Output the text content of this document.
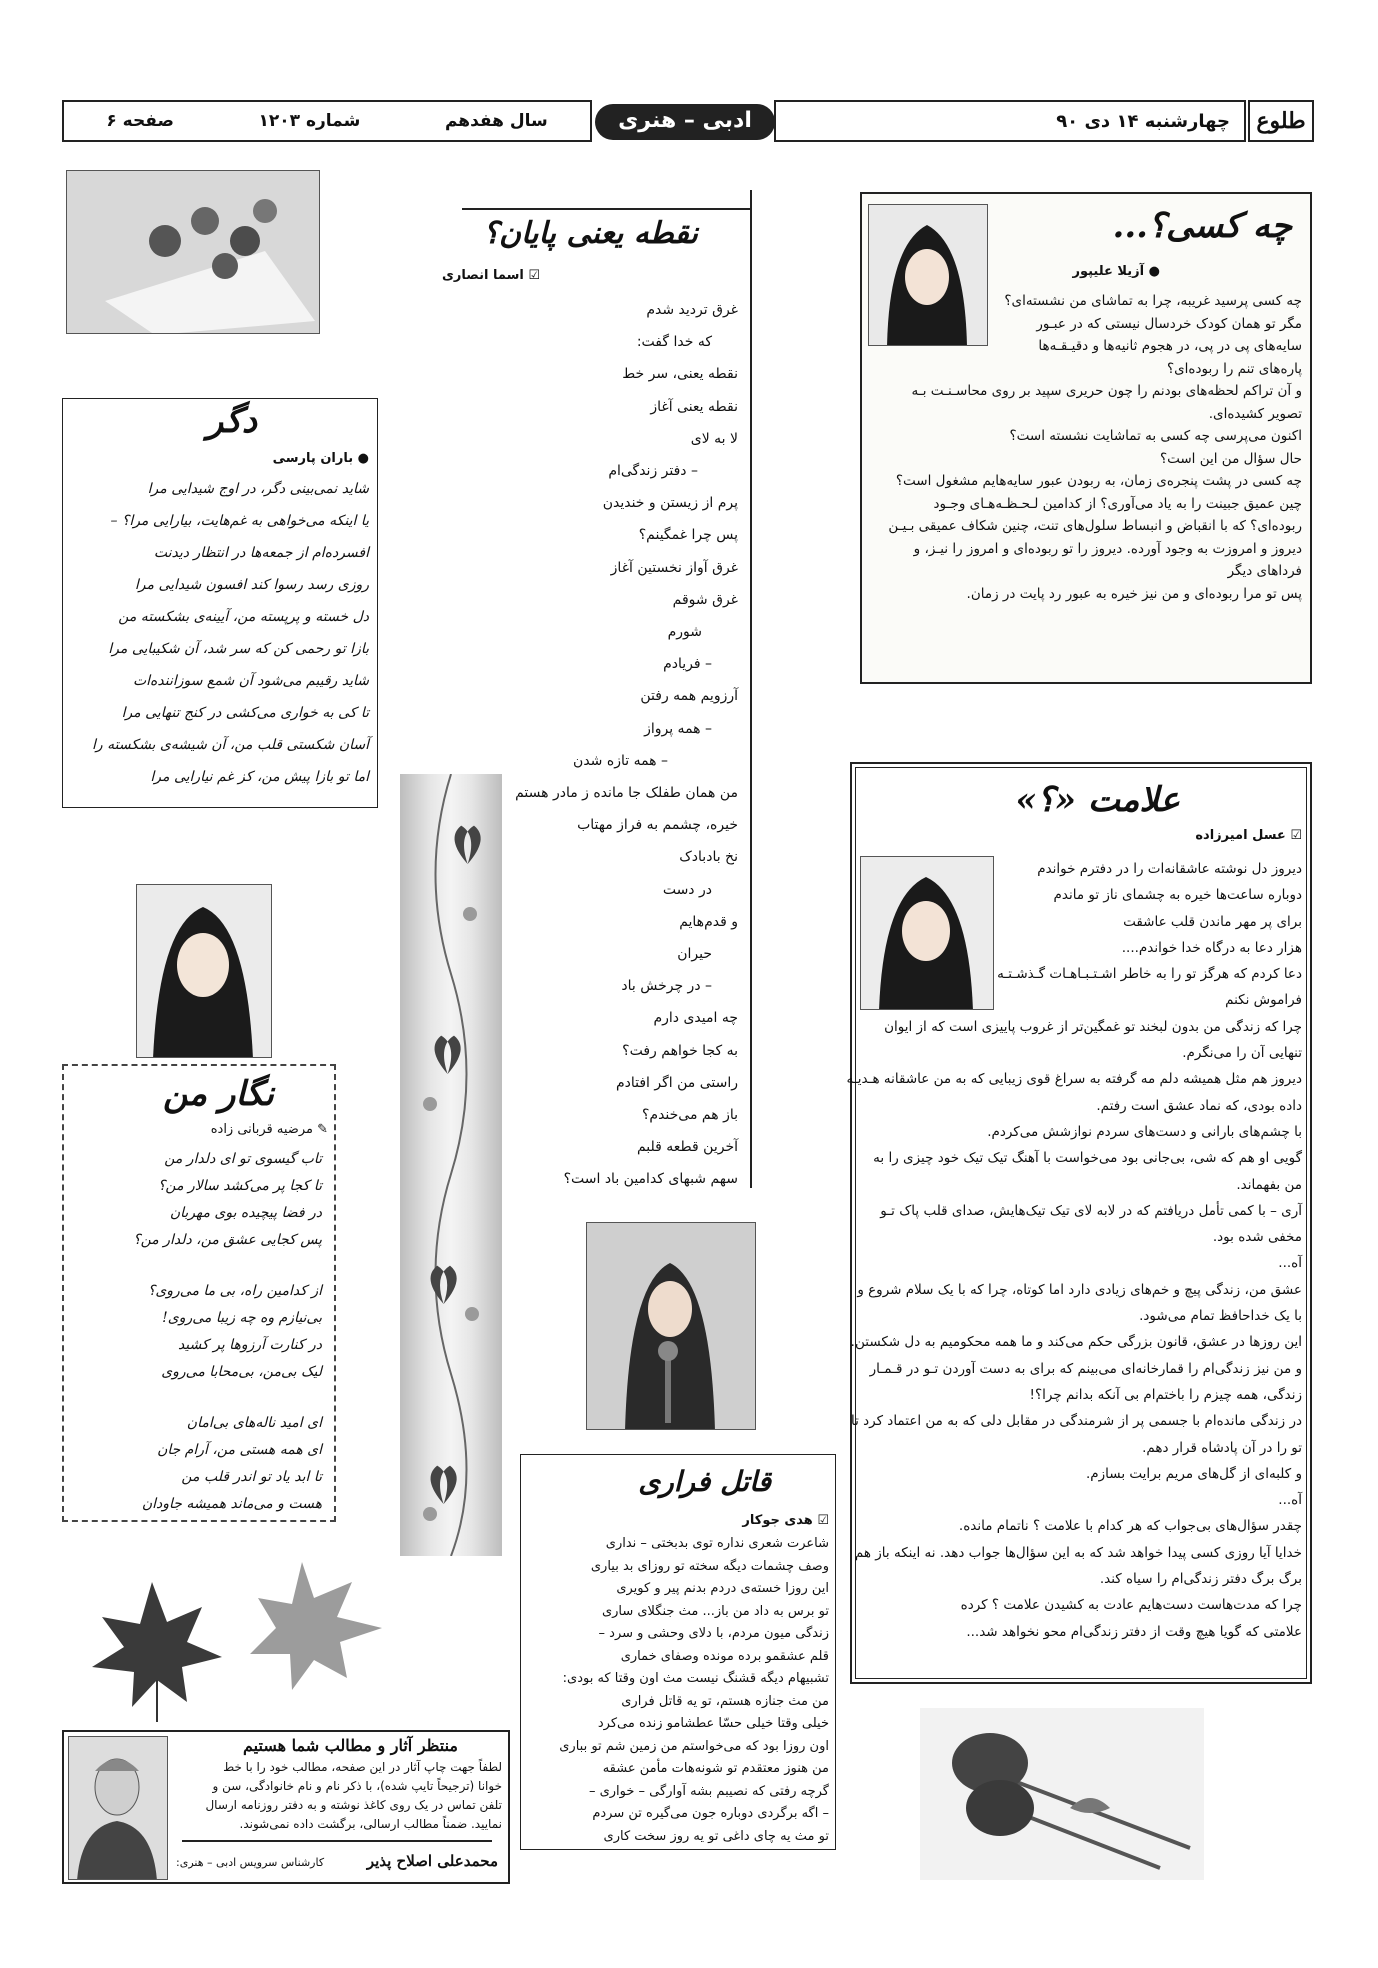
سال هفدهم
شماره ۱۲۰۳
صفحه ۶	ادبی – هنری	چهارشنبه ۱۴ دی ۹۰	طلوع
چه کسی؟...
● آزیلا علیپور
چه کسی پرسید غریبه، چرا به تماشای من نشسته‌ای؟
مگر تو همان کودک خردسال نیستی که در عبـور
سایه‌های پی در پی، در هجوم ثانیه‌ها و دقیـقـه‌ها
پاره‌های تنم را ربوده‌ای؟
و آن تراکم لحظه‌های بودنم را چون حریری سپید بر روی محاسـنـت بـه
تصویر کشیده‌ای.
اکنون می‌پرسی چه کسی به تماشایت نشسته است؟
حال سؤال من این است؟
چه کسی در پشت پنجره‌ی زمان، به ربودن عبور سایه‌هایم مشغول است؟
چین عمیق جبینت را به یاد می‌آوری؟ از کدامین لـحـظـه‌هـای وجـود
ربوده‌ای؟ که با انقباض و انبساط سلول‌های تنت، چنین شکاف عمیقی بـیـن
دیروز و امروزت به وجود آورده. دیروز را تو ربوده‌ای و امروز را نیـز، و
فرداهای دیگر
پس تو مرا ربوده‌ای و من نیز خیره به عبور رد پایت در زمان.
نقطه یعنی پایان؟
☑ اسما انصاری
غرق تردید شدم
که خدا گفت:
نقطه یعنی، سر خط
نقطه یعنی آغاز
لا به لای
– دفتر زندگی‌ام
پرم از زیستن و خندیدن
پس چرا غمگینم؟
غرق آواز نخستین آغاز
غرق شوقم
شورم
– فریادم
آرزویم همه رفتن
– همه پرواز
– همه تازه شدن
من همان طفلک جا مانده ز مادر هستم
خیره، چشمم به فراز مهتاب
نخ بادبادک
در دست
و قدم‌هایم
حیران
– در چرخش باد
چه امیدی دارم
به کجا خواهم رفت؟
راستی من اگر افتادم
باز هم می‌خندم؟
آخرین قطعه قلبم
سهم شبهای کدامین باد است؟
دگر
● باران پارسی
شاید نمی‌بینی دگر، در اوج شیدایی مرا
یا اینکه می‌خواهی به غم‌هایت، بیارایی مرا؟ –
افسرده‌ام از جمعه‌ها در انتظار دیدنت
روزی رسد رسوا کند افسون شیدایی مرا
دل خسته و پرپسته من، آیینه‌ی بشکسته من
بازا تو رحمی کن که سر شد، آن شکیبایی مرا
شاید رقیبم می‌شود آن شمع سوزاننده‌ات
تا کی به خواری می‌کشی در کنج تنهایی مرا
آسان شکستی قلب من، آن شیشه‌ی بشکسته را
اما تو بازا پیش من، کز غم نیارایی مرا
علامت «؟»
☑ عسل امیرزاده
دیروز دل نوشته عاشقانه‌ات را در دفترم خواندم
دوباره ساعت‌ها خیره به چشمای ناز تو ماندم
برای پر مهر ماندن قلب عاشقت
هزار دعا به درگاه خدا خواندم....
دعا کردم که هرگز تو را به خاطر اشـتـبـاهـات گـذشـتـه
فراموش نکنم
چرا که زندگی من بدون لبخند تو غمگین‌تر از غروب پاییزی است که از ایوان
تنهایی آن را می‌نگرم.
دیروز هم مثل همیشه دلم مه گرفته به سراغ قوی زیبایی که به من عاشقانه هـدیـه
داده بودی، که نماد عشق است رفتم.
با چشم‌های بارانی و دست‌های سردم نوازشش می‌کردم.
گویی او هم که شی، بی‌جانی بود می‌خواست با آهنگ تیک تیک خود چیزی را به
من بفهماند.
آری – با کمی تأمل دریافتم که در لابه لای تیک تیک‌هایش، صدای قلب پاک تـو
مخفی شده بود.
آه...
عشق من، زندگی پیچ و خم‌های زیادی دارد اما کوتاه، چرا که با یک سلام شروع و
با یک خداحافظ تمام می‌شود.
این روزها در عشق، قانون بزرگی حکم می‌کند و ما همه محکومیم به دل شکستن.
و من نیز زندگی‌ام را قمارخانه‌ای می‌بینم که برای به دست آوردن تـو در قـمـار
زندگی، همه چیزم را باختم‌ام بی آنکه بدانم چرا؟!
در زندگی مانده‌ام با جسمی پر از شرمندگی در مقابل دلی که به من اعتماد کرد تا
تو را در آن پادشاه قرار دهم.
و کلبه‌ای از گل‌های مریم برایت بسازم.
آه...
چقدر سؤال‌های بی‌جواب که هر کدام با علامت ؟ ناتمام مانده.
خدایا آیا روزی کسی پیدا خواهد شد که به این سؤال‌ها جواب دهد. نه اینکه باز هم
برگ برگ دفتر زندگی‌ام را سیاه کند.
چرا که مدت‌هاست دست‌هایم عادت به کشیدن علامت ؟ کرده
علامتی که گویا هیچ وقت از دفتر زندگی‌ام محو نخواهد شد...
نگار من
✎ مرضیه قربانی زاده
تاب گیسوی تو ای دلدار من
تا کجا پر می‌کشد سالار من؟
در فضا پیچیده بوی مهربان
پس کجایی عشق من، دلدار من؟
از کدامین راه، بی ما می‌روی؟
بی‌نیازم وه چه زیبا می‌روی!
در کنارت آرزوها پر کشید
لیک بی‌من، بی‌محابا می‌روی
ای امید ناله‌های بی‌امان
ای همه هستی من، آرام جان
تا ابد یاد تو اندر قلب من
هست و می‌ماند همیشه جاودان
قاتل فراری
☑ هدی جوکار
شاعرت شعری نداره توی بدبختی – نداری
وصف چشمات دیگه سخته تو روزای بد بیاری
این روزا خسته‌ی دردم بدنم پیر و کویری
تو برس به داد من باز... مث جنگلای ساری
زندگی میون مردم، با دلای وحشی و سرد –
قلم عشقمو برده مونده وصفای خماری
تشبیهام دیگه قشنگ نیست مث اون وقتا که بودی:
من مث جنازه هستم، تو یه قاتل فراری
خیلی وقتا خیلی حسّا عطشامو زنده می‌کرد
اون روزا بود که می‌خواستم من زمین شم تو بباری
من هنوز معتقدم تو شونه‌هات مأمن عشقه
گرچه رفتی که نصیبم بشه آوارگی – خواری –
– اگه برگردی دوباره جون می‌گیره تن سردم
تو مث یه چای داغی تو یه روز سخت کاری
منتظر آثار و مطالب شما هستیم
لطفاً جهت چاپ آثار در این صفحه، مطالب خود را با خط
خوانا (ترجیحاً تایپ شده)، با ذکر نام و نام خانوادگی، سن و
تلفن تماس در یک روی کاغذ نوشته و به دفتر روزنامه ارسال
نمایید. ضمناً مطالب ارسالی، برگشت داده نمی‌شوند.
کارشناس سرویس ادبی – هنری:	محمدعلی اصلاح پذیر
